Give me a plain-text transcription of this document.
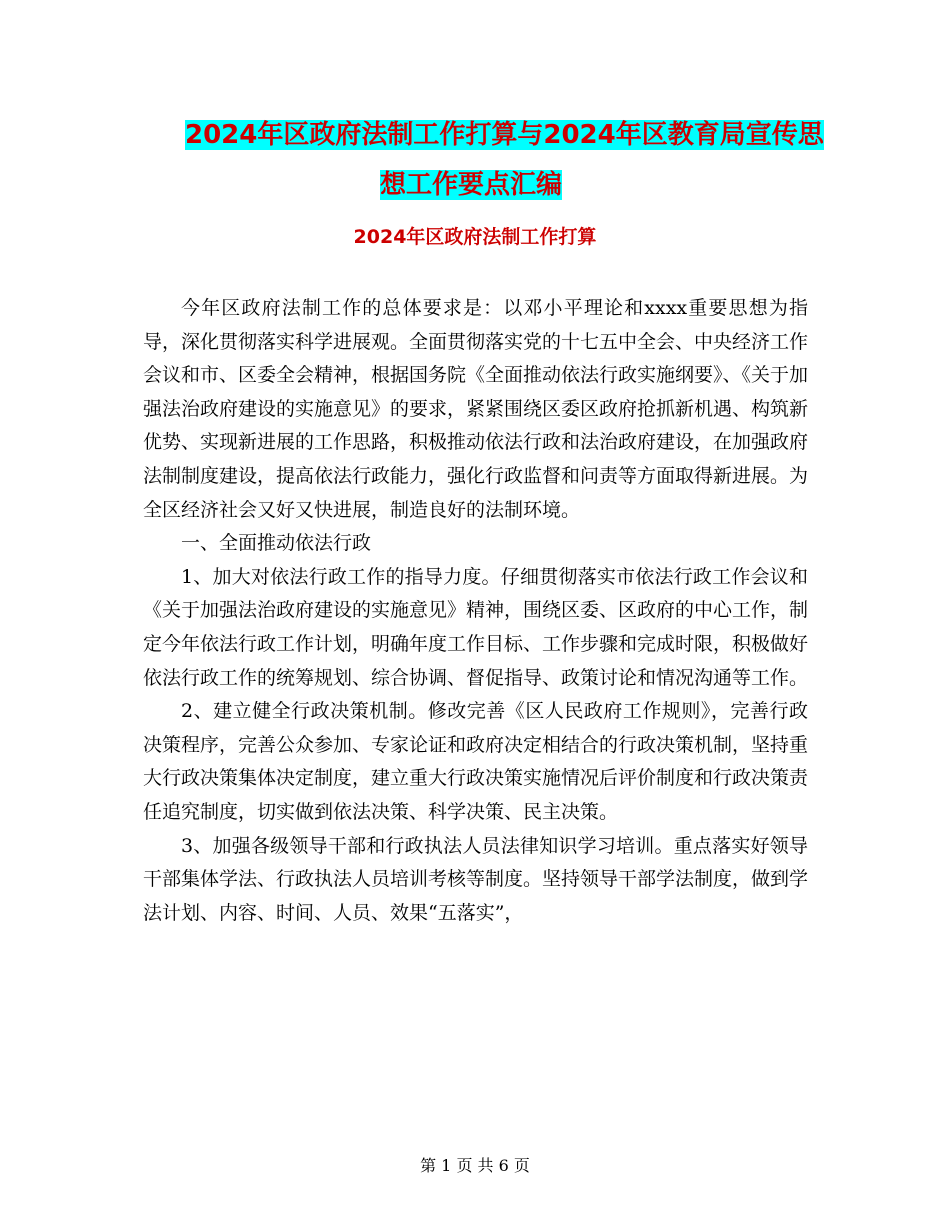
2024年区政府法制工作打算与2024年区教育局宣传思
想工作要点汇编
2024年区政府法制工作打算

今年区政府法制工作的总体要求是：以邓小平理论和xxxx重要思想为指导，深化贯彻落实科学进展观。全面贯彻落实党的十七五中全会、中央经济工作会议和市、区委全会精神，根据国务院《全面推动依法行政实施纲要》、《关于加强法治政府建设的实施意见》的要求，紧紧围绕区委区政府抢抓新机遇、构筑新优势、实现新进展的工作思路，积极推动依法行政和法治政府建设，在加强政府法制制度建设，提高依法行政能力，强化行政监督和问责等方面取得新进展。为全区经济社会又好又快进展，制造良好的法制环境。

一、全面推动依法行政

1、加大对依法行政工作的指导力度。仔细贯彻落实市依法行政工作会议和《关于加强法治政府建设的实施意见》精神，围绕区委、区政府的中心工作，制定今年依法行政工作计划，明确年度工作目标、工作步骤和完成时限，积极做好依法行政工作的统筹规划、综合协调、督促指导、政策讨论和情况沟通等工作。

2、建立健全行政决策机制。修改完善《区人民政府工作规则》，完善行政决策程序，完善公众参加、专家论证和政府决定相结合的行政决策机制，坚持重大行政决策集体决定制度，建立重大行政决策实施情况后评价制度和行政决策责任追究制度，切实做到依法决策、科学决策、民主决策。

3、加强各级领导干部和行政执法人员法律知识学习培训。重点落实好领导干部集体学法、行政执法人员培训考核等制度。坚持领导干部学法制度，做到学法计划、内容、时间、人员、效果“五落实”，

第 1 页 共 6 页
